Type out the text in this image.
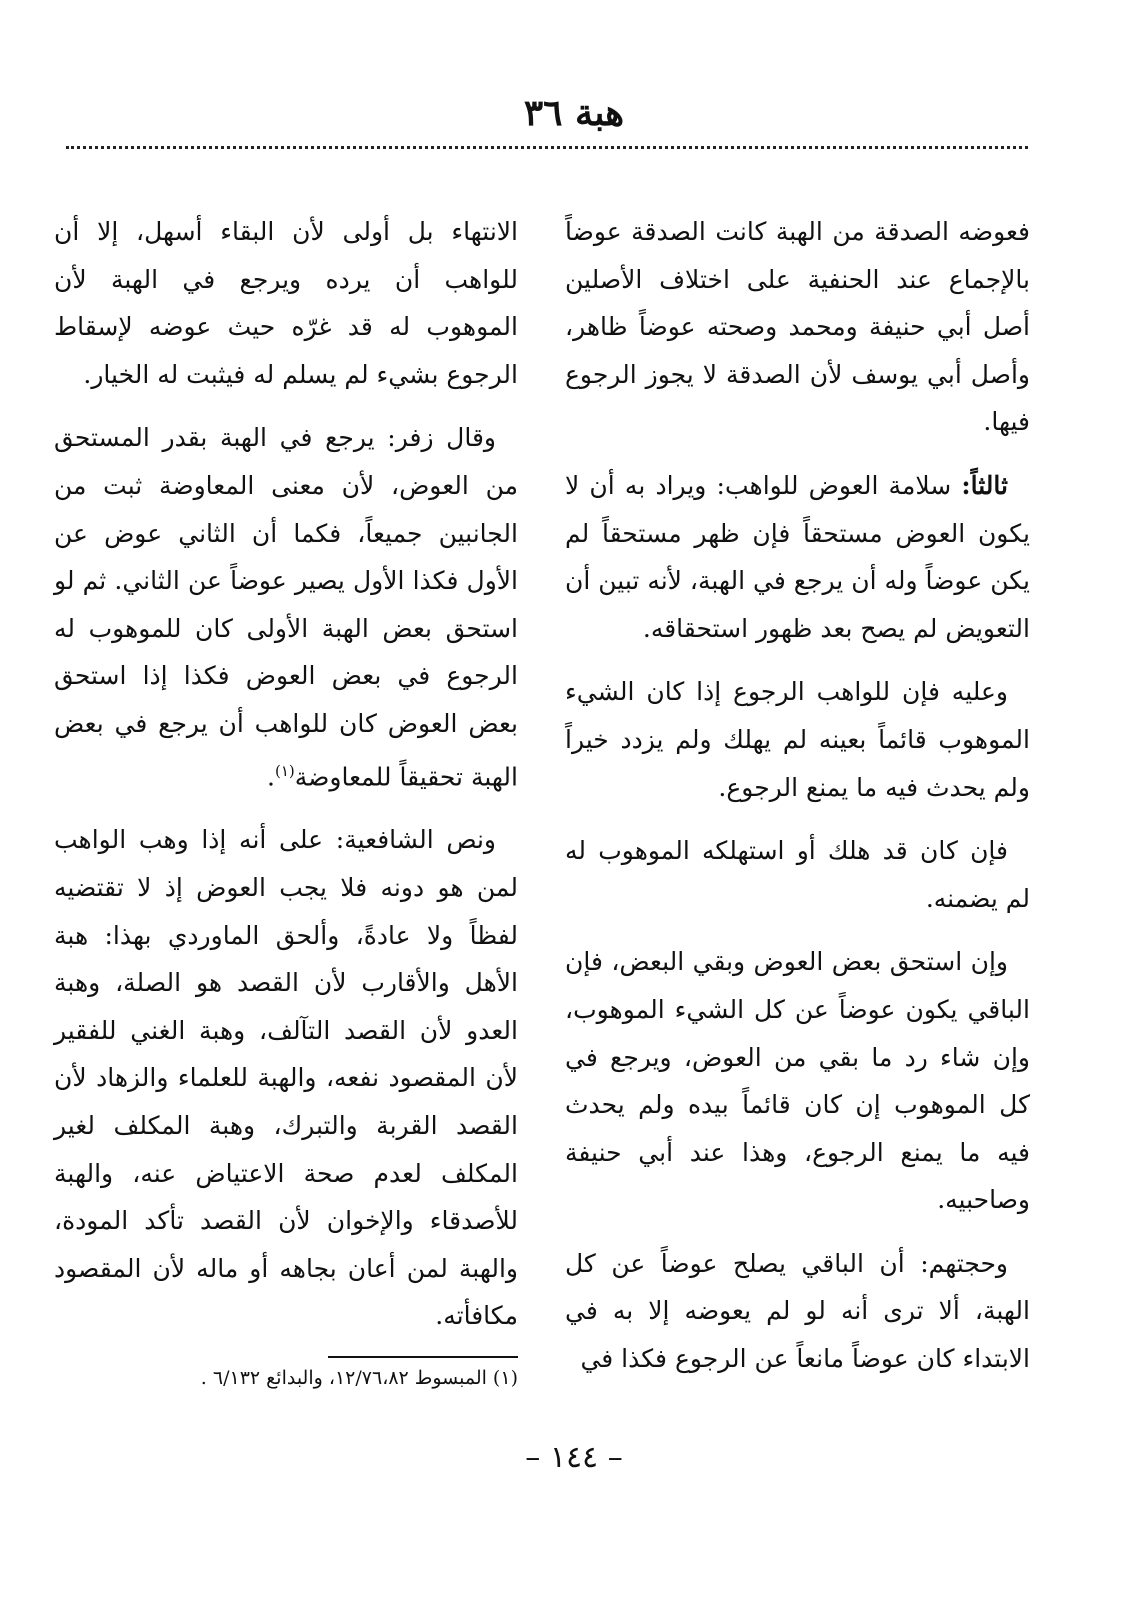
هبة ٣٦

فعوضه الصدقة من الهبة كانت الصدقة عوضاً بالإجماع عند الحنفية على اختلاف الأصلين أصل أبي حنيفة ومحمد وصحته عوضاً ظاهر، وأصل أبي يوسف لأن الصدقة لا يجوز الرجوع فيها.

ثالثاً: سلامة العوض للواهب: ويراد به أن لا يكون العوض مستحقاً فإن ظهر مستحقاً لم يكن عوضاً وله أن يرجع في الهبة، لأنه تبين أن التعويض لم يصح بعد ظهور استحقاقه.

وعليه فإن للواهب الرجوع إذا كان الشيء الموهوب قائماً بعينه لم يهلك ولم يزدد خيراً ولم يحدث فيه ما يمنع الرجوع.

فإن كان قد هلك أو استهلكه الموهوب له لم يضمنه.

وإن استحق بعض العوض وبقي البعض، فإن الباقي يكون عوضاً عن كل الشيء الموهوب، وإن شاء رد ما بقي من العوض، ويرجع في كل الموهوب إن كان قائماً بيده ولم يحدث فيه ما يمنع الرجوع، وهذا عند أبي حنيفة وصاحبيه.

وحجتهم: أن الباقي يصلح عوضاً عن كل الهبة، ألا ترى أنه لو لم يعوضه إلا به في الابتداء كان عوضاً مانعاً عن الرجوع فكذا في

الانتهاء بل أولى لأن البقاء أسهل، إلا أن للواهب أن يرده ويرجع في الهبة لأن الموهوب له قد غرّه حيث عوضه لإسقاط الرجوع بشيء لم يسلم له فيثبت له الخيار.

وقال زفر: يرجع في الهبة بقدر المستحق من العوض، لأن معنى المعاوضة ثبت من الجانبين جميعاً، فكما أن الثاني عوض عن الأول فكذا الأول يصير عوضاً عن الثاني. ثم لو استحق بعض الهبة الأولى كان للموهوب له الرجوع في بعض العوض فكذا إذا استحق بعض العوض كان للواهب أن يرجع في بعض الهبة تحقيقاً للمعاوضة$^{(١)}$.

ونص الشافعية: على أنه إذا وهب الواهب لمن هو دونه فلا يجب العوض إذ لا تقتضيه لفظاً ولا عادةً، وألحق الماوردي بهذا: هبة الأهل والأقارب لأن القصد هو الصلة، وهبة العدو لأن القصد التآلف، وهبة الغني للفقير لأن المقصود نفعه، والهبة للعلماء والزهاد لأن القصد القربة والتبرك، وهبة المكلف لغير المكلف لعدم صحة الاعتياض عنه، والهبة للأصدقاء والإخوان لأن القصد تأكد المودة، والهبة لمن أعان بجاهه أو ماله لأن المقصود مكافأته.

(١) المبسوط ١٢/٧٦،٨٢، والبدائع ٦/١٣٢ .

– ١٤٤ –
